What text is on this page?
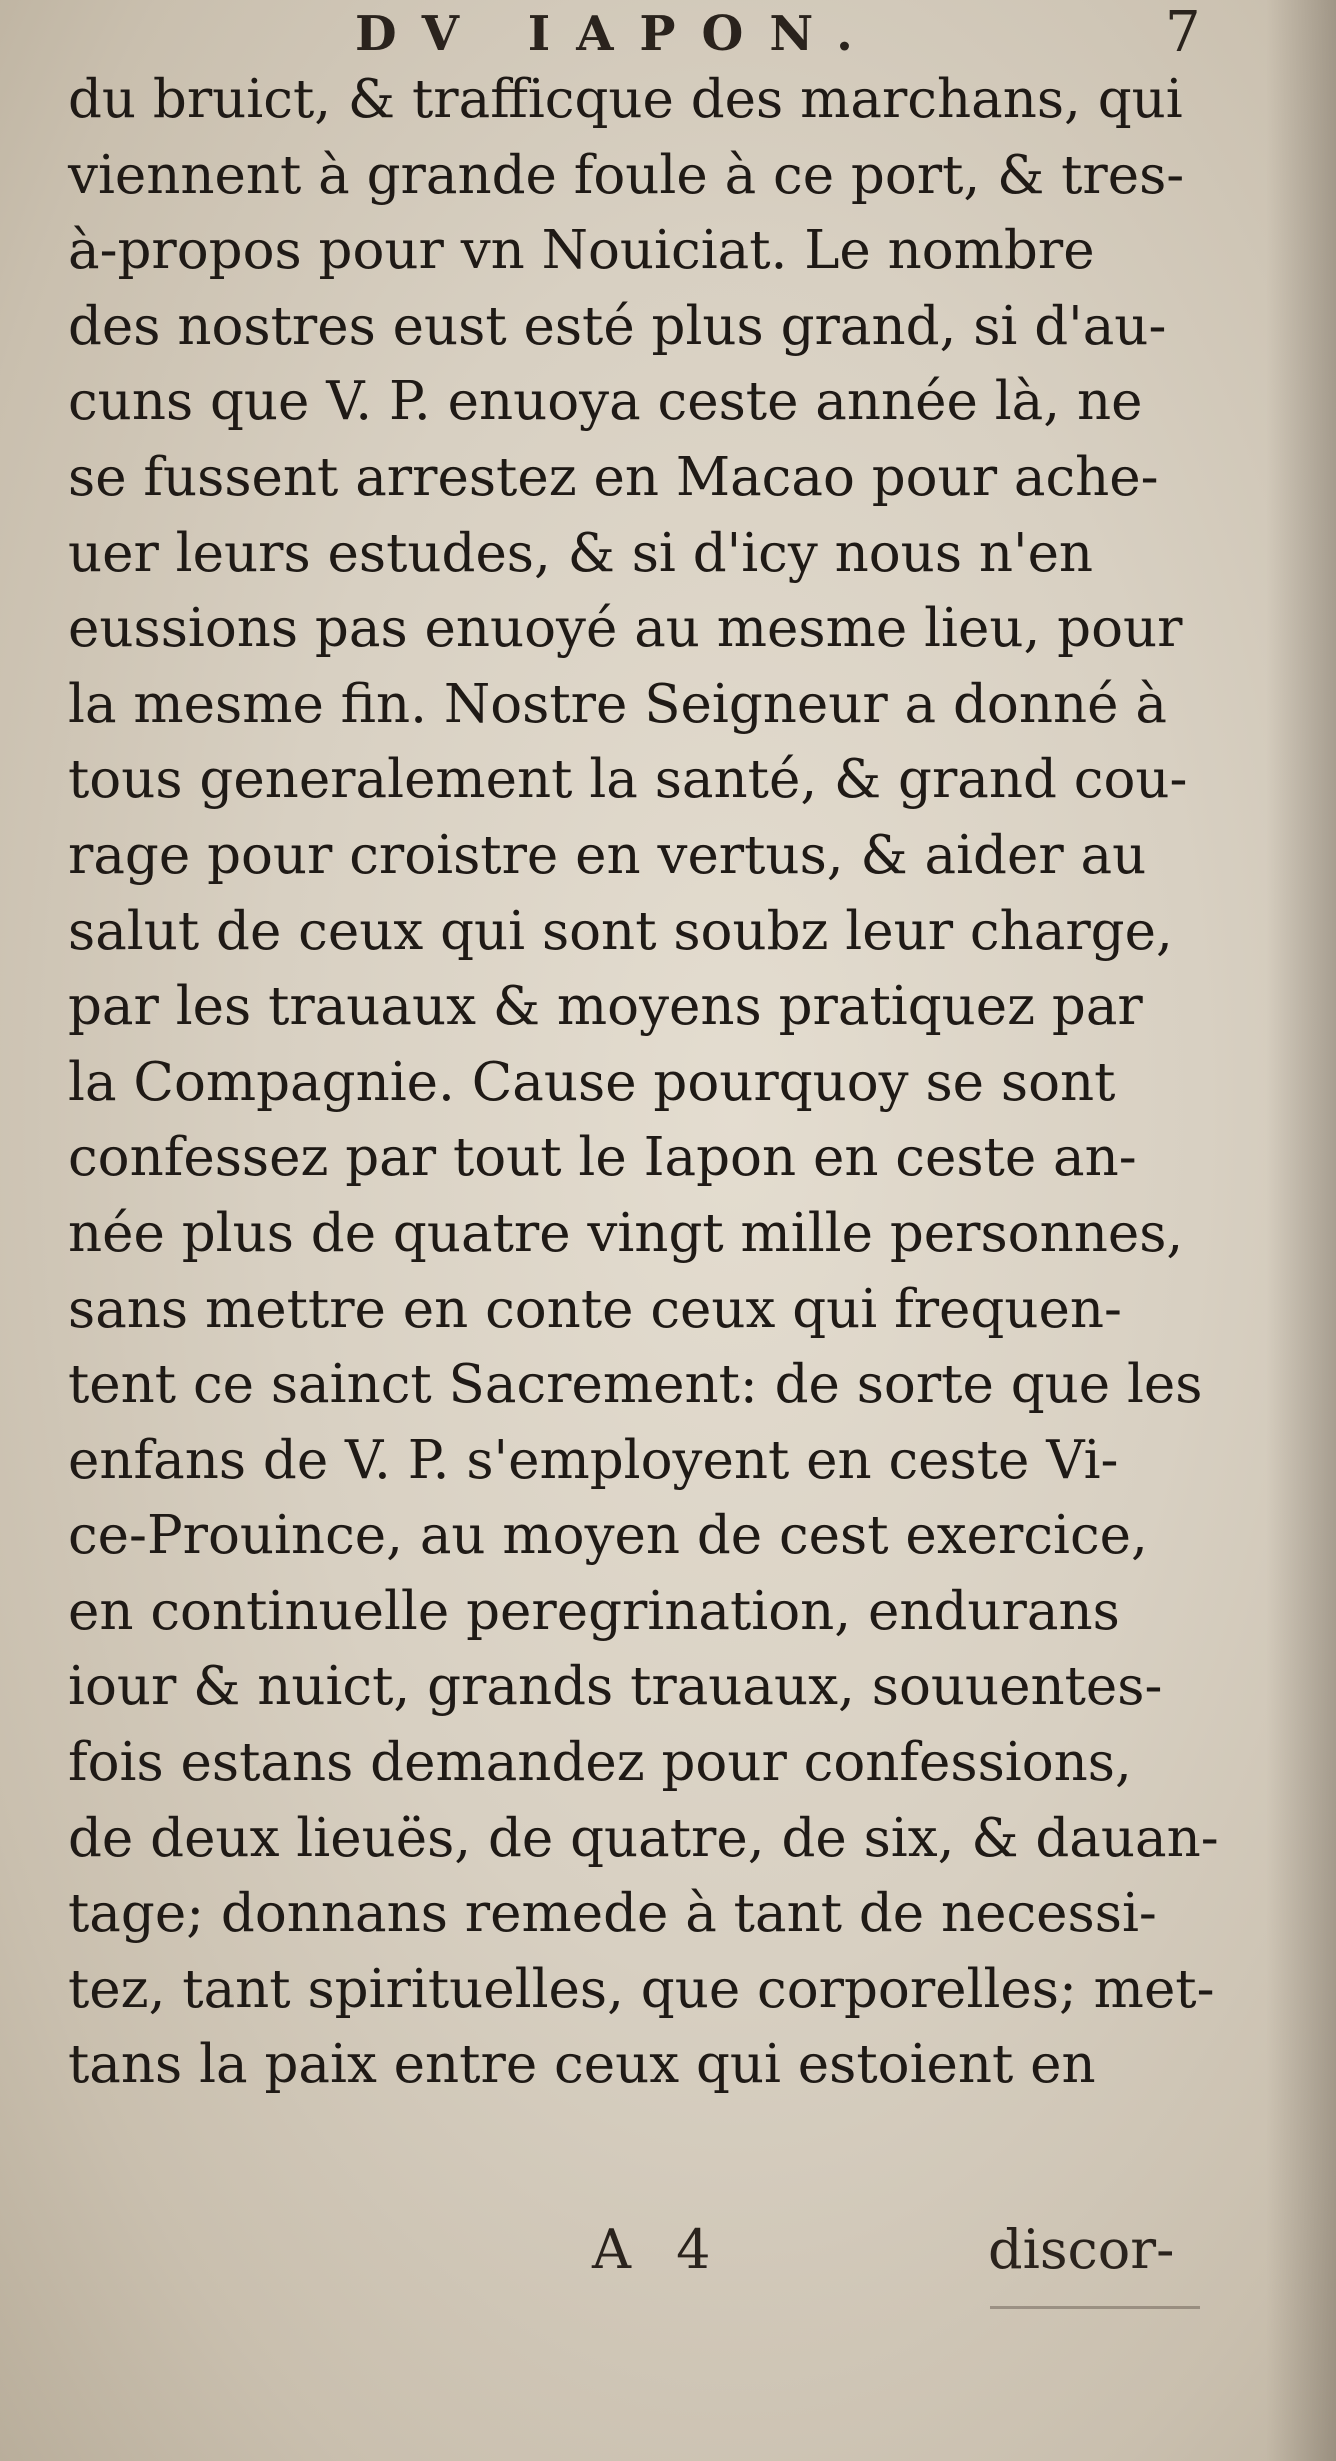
DV IAPON.	7
du bruict, & trafficque des marchans, qui
viennent à grande foule à ce port, & tres-
à-propos pour vn Nouiciat. Le nombre
des nostres eust esté plus grand, si d'au-
cuns que V. P. enuoya ceste année là, ne
se fussent arrestez en Macao pour ache-
uer leurs estudes, & si d'icy nous n'en
eussions pas enuoyé au mesme lieu, pour
la mesme fin. Nostre Seigneur a donné à
tous generalement la santé, & grand cou-
rage pour croistre en vertus, & aider au
salut de ceux qui sont soubz leur charge,
par les trauaux & moyens pratiquez par
la Compagnie. Cause pourquoy se sont
confessez par tout le Iapon en ceste an-
née plus de quatre vingt mille personnes,
sans mettre en conte ceux qui frequen-
tent ce sainct Sacrement: de sorte que les
enfans de V. P. s'employent en ceste Vi-
ce-Prouince, au moyen de cest exercice,
en continuelle peregrination, endurans
iour & nuict, grands trauaux, souuentes-
fois estans demandez pour confessions,
de deux lieuës, de quatre, de six, & dauan-
tage; donnans remede à tant de necessi-
tez, tant spirituelles, que corporelles; met-
tans la paix entre ceux qui estoient en
A 4	discor-
